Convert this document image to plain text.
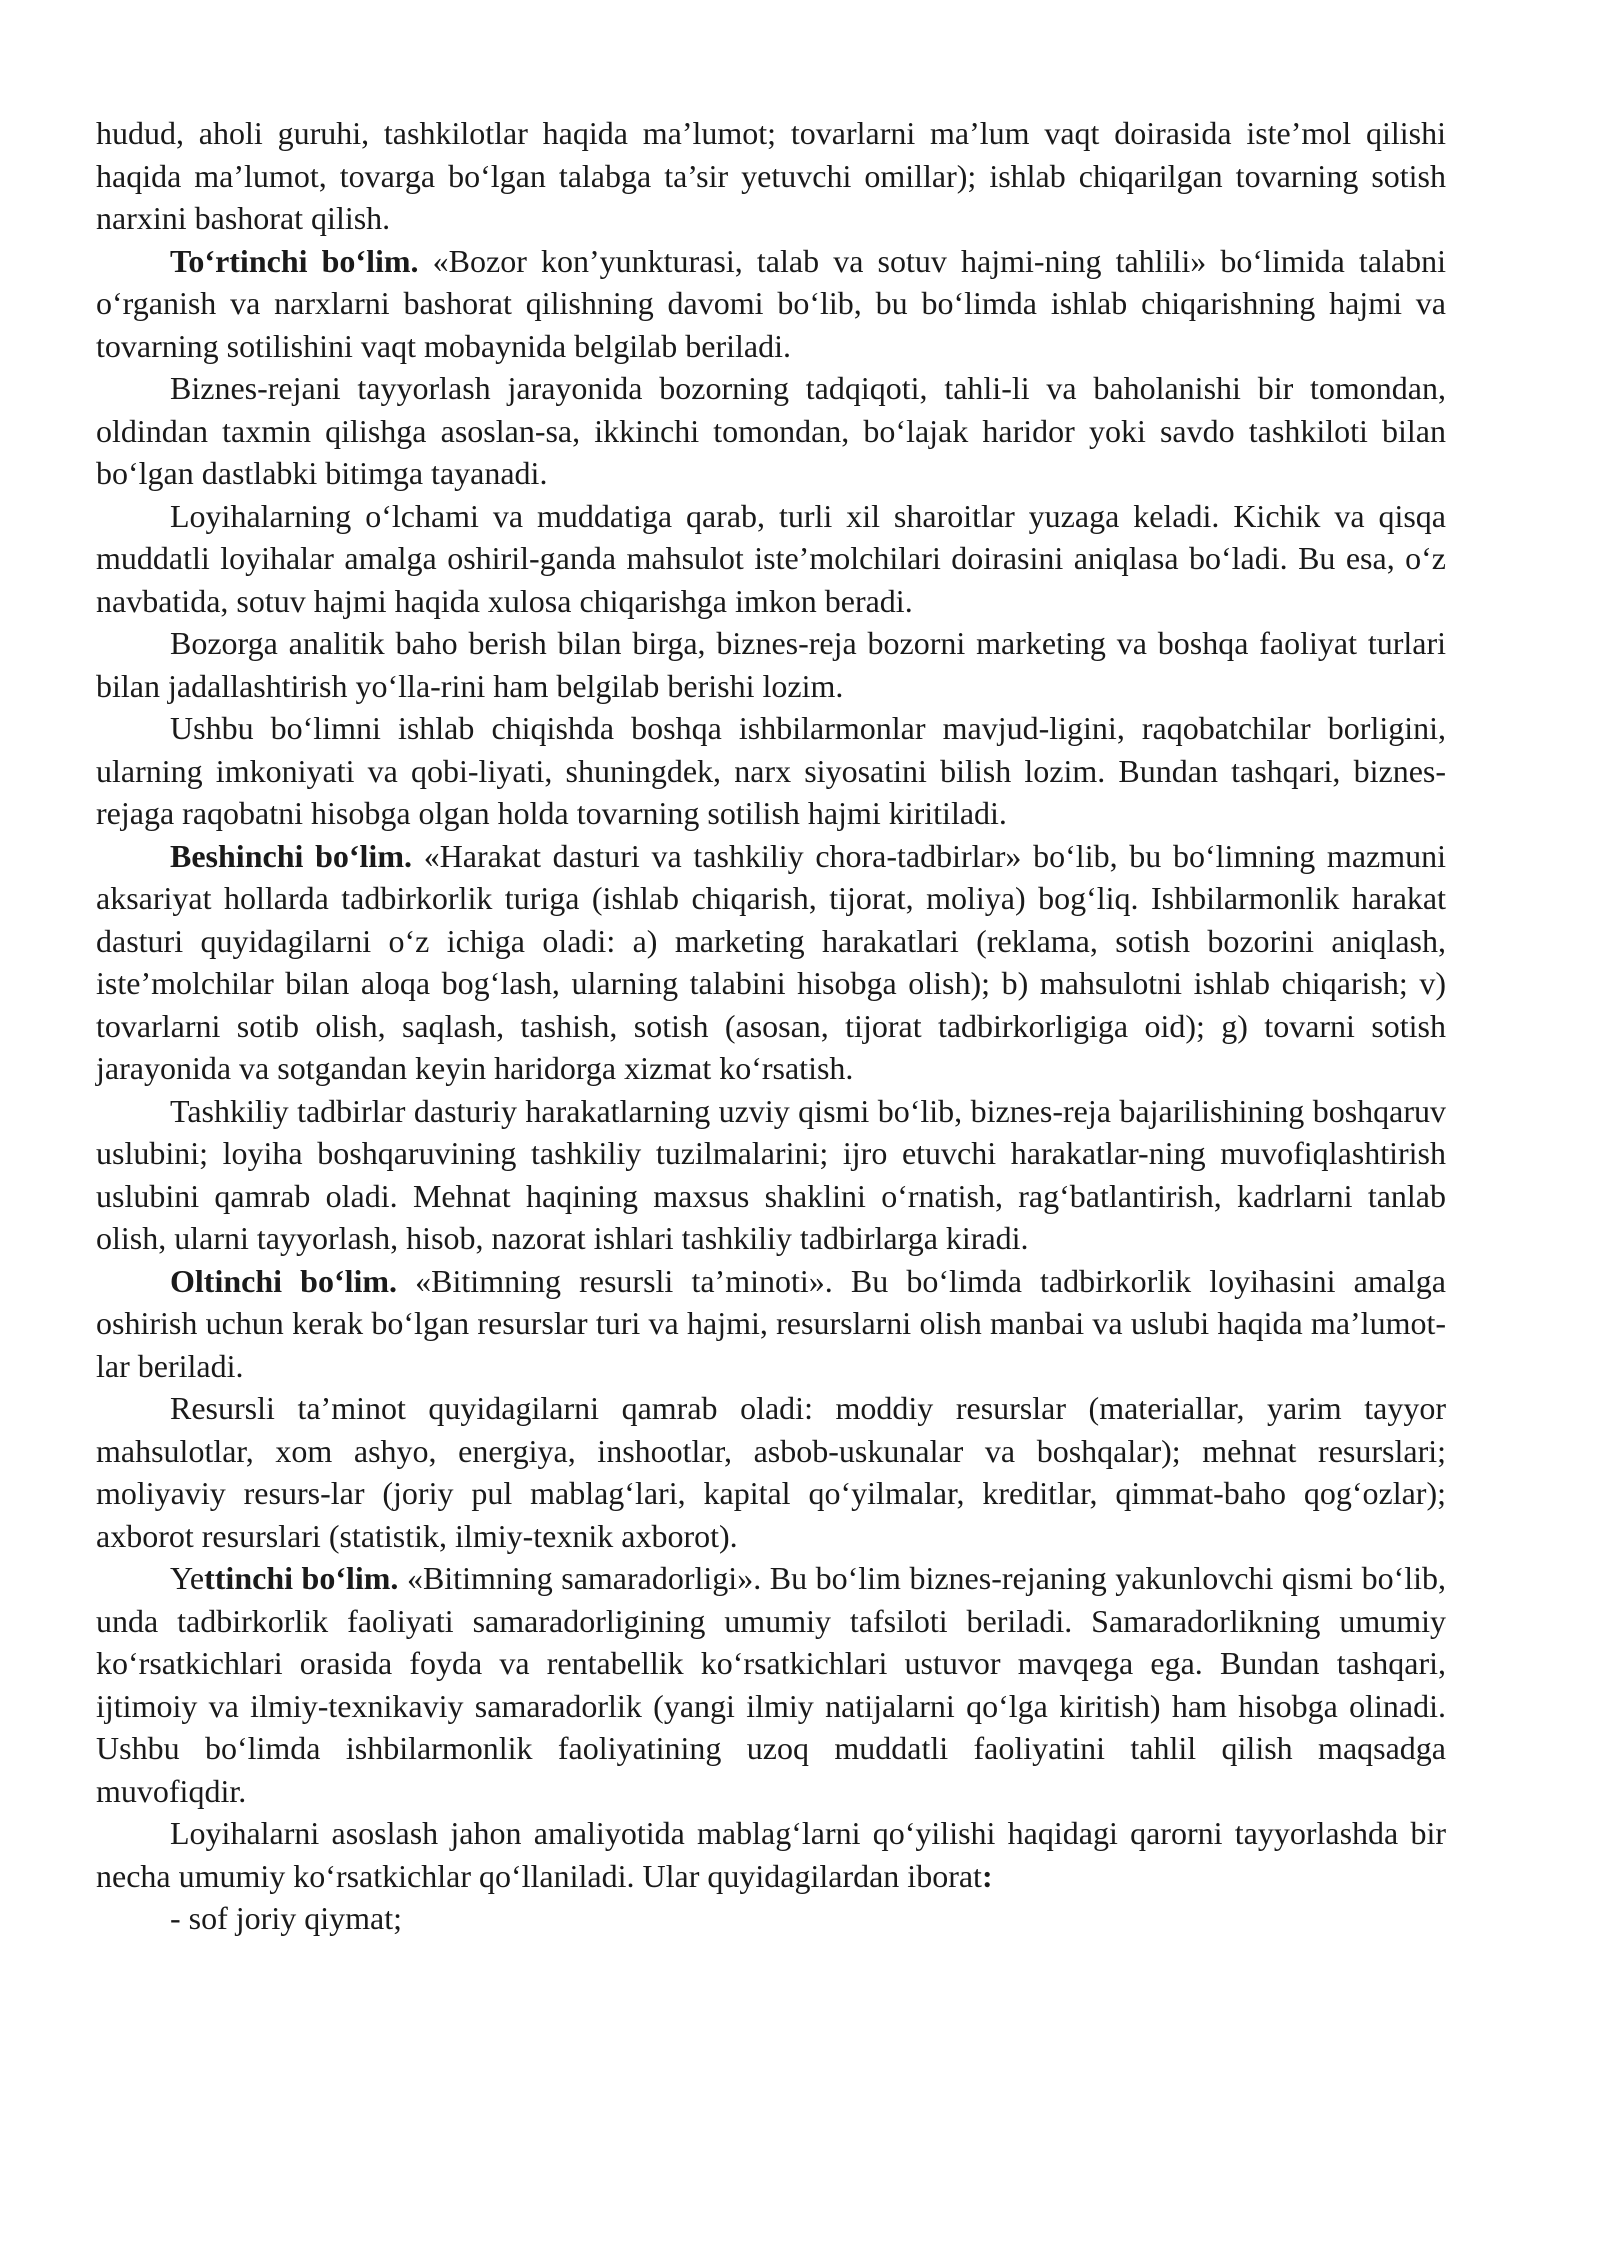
hudud, aholi guruhi, tashkilotlar haqida ma’lumot; tovarlarni ma’lum vaqt doirasida iste’mol qilishi haqida ma’lumot, tovarga bo‘lgan talabga ta’sir yetuvchi omillar); ishlab chiqarilgan tovarning sotish narxini bashorat qilish.

To‘rtinchi bo‘lim. «Bozor kon’yunkturasi, talab va sotuv hajmi-ning tahlili» bo‘limida talabni o‘rganish va narxlarni bashorat qilishning davomi bo‘lib, bu bo‘limda ishlab chiqarishning hajmi va tovarning sotilishini vaqt mobaynida belgilab beriladi.

Biznes-rejani tayyorlash jarayonida bozorning tadqiqoti, tahli-li va baholanishi bir tomondan, oldindan taxmin qilishga asoslan-sa, ikkinchi tomondan, bo‘lajak haridor yoki savdo tashkiloti bilan bo‘lgan dastlabki bitimga tayanadi.

Loyihalarning o‘lchami va muddatiga qarab, turli xil sharoitlar yuzaga keladi. Kichik va qisqa muddatli loyihalar amalga oshiril-ganda mahsulot iste’molchilari doirasini aniqlasa bo‘ladi. Bu esa, o‘z navbatida, sotuv hajmi haqida xulosa chiqarishga imkon beradi.

Bozorga analitik baho berish bilan birga, biznes-reja bozorni marketing va boshqa faoliyat turlari bilan jadallashtirish yo‘lla-rini ham belgilab berishi lozim.

Ushbu bo‘limni ishlab chiqishda boshqa ishbilarmonlar mavjud-ligini, raqobatchilar borligini, ularning imkoniyati va qobi-liyati, shuningdek, narx siyosatini bilish lozim. Bundan tashqari, biznes-rejaga raqobatni hisobga olgan holda tovarning sotilish hajmi kiritiladi.

Beshinchi bo‘lim. «Harakat dasturi va tashkiliy chora-tadbirlar» bo‘lib, bu bo‘limning mazmuni aksariyat hollarda tadbirkorlik turiga (ishlab chiqarish, tijorat, moliya) bog‘liq. Ishbilarmonlik harakat dasturi quyidagilarni o‘z ichiga oladi: a) marketing harakatlari (reklama, sotish bozorini aniqlash, iste’molchilar bilan aloqa bog‘lash, ularning talabini hisobga olish); b) mahsulotni ishlab chiqarish; v) tovarlarni sotib olish, saqlash, tashish, sotish (asosan, tijorat tadbirkorligiga oid); g) tovarni sotish jarayonida va sotgandan keyin haridorga xizmat ko‘rsatish.

Tashkiliy tadbirlar dasturiy harakatlarning uzviy qismi bo‘lib, biznes-reja bajarilishining boshqaruv uslubini; loyiha boshqaruvining tashkiliy tuzilmalarini; ijro etuvchi harakatlar-ning muvofiqlashtirish uslubini qamrab oladi. Mehnat haqining maxsus shaklini o‘rnatish, rag‘batlantirish, kadrlarni tanlab olish, ularni tayyorlash, hisob, nazorat ishlari tashkiliy tadbirlarga kiradi.

Oltinchi bo‘lim. «Bitimning resursli ta’minoti». Bu bo‘limda tadbirkorlik loyihasini amalga oshirish uchun kerak bo‘lgan resurslar turi va hajmi, resurslarni olish manbai va uslubi haqida ma’lumot-lar beriladi.

Resursli ta’minot quyidagilarni qamrab oladi: moddiy resurslar (materiallar, yarim tayyor mahsulotlar, xom ashyo, energiya, inshootlar, asbob-uskunalar va boshqalar); mehnat resurslari; moliyaviy resurs-lar (joriy pul mablag‘lari, kapital qo‘yilmalar, kreditlar, qimmat-baho qog‘ozlar); axborot resurslari (statistik, ilmiy-texnik axborot).

Yettinchi bo‘lim. «Bitimning samaradorligi». Bu bo‘lim biznes-rejaning yakunlovchi qismi bo‘lib, unda tadbirkorlik faoliyati samaradorligining umumiy tafsiloti beriladi. Samaradorlikning umumiy ko‘rsatkichlari orasida foyda va rentabellik ko‘rsatkichlari ustuvor mavqega ega. Bundan tashqari, ijtimoiy va ilmiy-texnikaviy samaradorlik (yangi ilmiy natijalarni qo‘lga kiritish) ham hisobga olinadi. Ushbu bo‘limda ishbilarmonlik faoliyatining uzoq muddatli faoliyatini tahlil qilish maqsadga muvofiqdir.

Loyihalarni asoslash jahon amaliyotida mablag‘larni qo‘yilishi haqidagi qarorni tayyorlashda bir necha umumiy ko‘rsatkichlar qo‘llaniladi. Ular quyidagilardan iborat:

- sof joriy qiymat;
